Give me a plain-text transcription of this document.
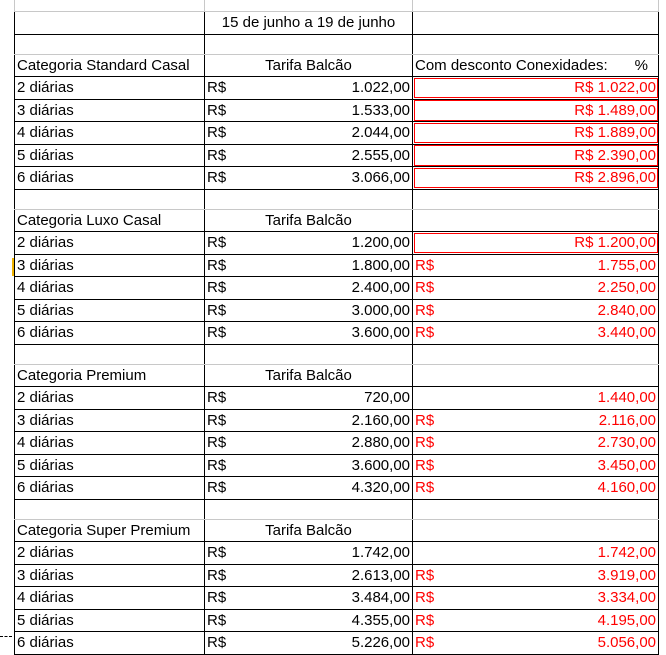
	15 de junho a 19 de junho	

Categoria Standard Casal	Tarifa Balcão	Com desconto Conexidades: %

2 diárias	R$ 1.022,00	R$ 1.022,00

3 diárias	R$ 1.533,00	R$ 1.489,00

4 diárias	R$ 2.044,00	R$ 1.889,00

5 diárias	R$ 2.555,00	R$ 2.390,00

6 diárias	R$ 3.066,00	R$ 2.896,00

Categoria Luxo Casal	Tarifa Balcão	
2 diárias	R$ 1.200,00	R$ 1.200,00

3 diárias	R$ 1.800,00	R$ 1.755,00

4 diárias	R$ 2.400,00	R$ 2.250,00

5 diárias	R$ 3.000,00	R$ 2.840,00

6 diárias	R$ 3.600,00	R$ 3.440,00

Categoria Premium	Tarifa Balcão	
2 diárias	R$ 720,00	1.440,00

3 diárias	R$ 2.160,00	R$ 2.116,00

4 diárias	R$ 2.880,00	R$ 2.730,00

5 diárias	R$ 3.600,00	R$ 3.450,00

6 diárias	R$ 4.320,00	R$ 4.160,00

Categoria Super Premium	Tarifa Balcão	
2 diárias	R$ 1.742,00	1.742,00

3 diárias	R$ 2.613,00	R$ 3.919,00

4 diárias	R$ 3.484,00	R$ 3.334,00

5 diárias	R$ 4.355,00	R$ 4.195,00

6 diárias	R$ 5.226,00	R$ 5.056,00
